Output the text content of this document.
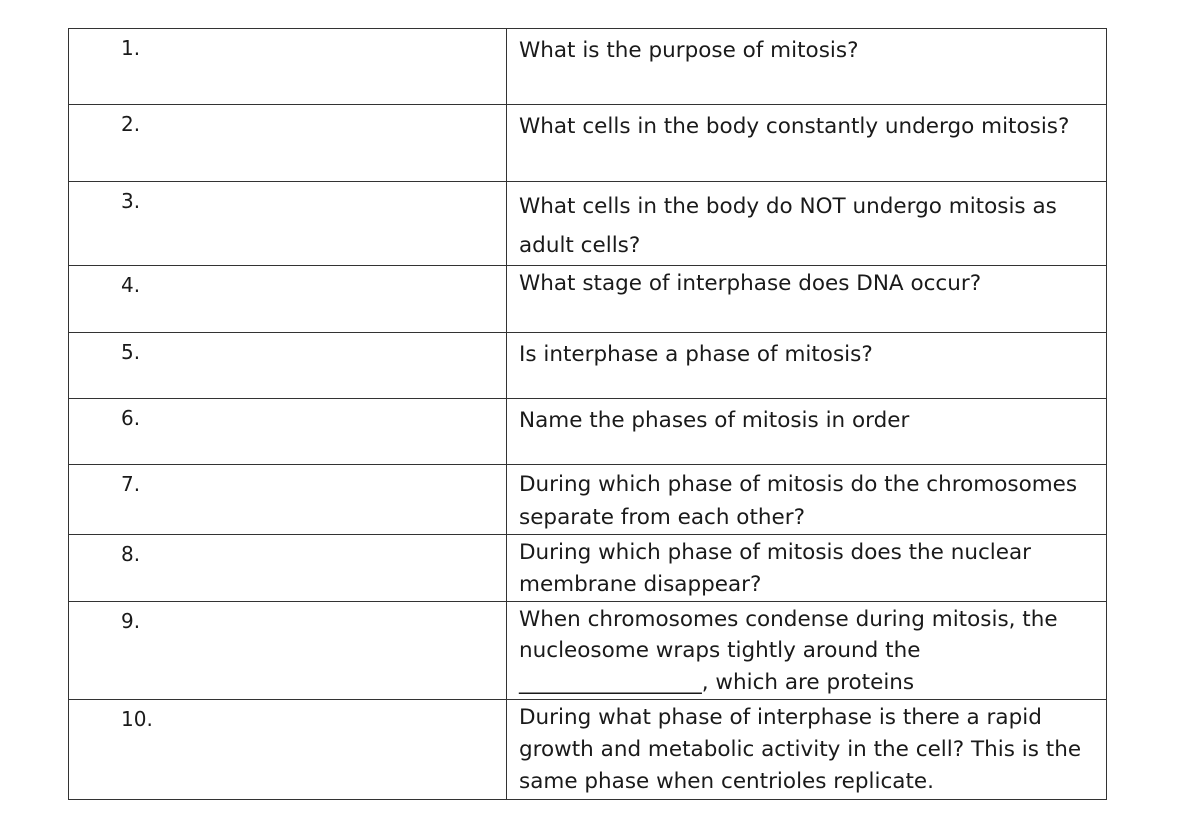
1.	What is the purpose of mitosis?
2.	What cells in the body constantly undergo mitosis?
3.	What cells in the body do NOT undergo mitosis as adult cells?
4.	What stage of interphase does DNA occur?
5.	Is interphase a phase of mitosis?
6.	Name the phases of mitosis in order
7.	During which phase of mitosis do the chromosomes separate from each other?
8.	During which phase of mitosis does the nuclear membrane disappear?
9.	When chromosomes condense during mitosis, the nucleosome wraps tightly around the _________________, which are proteins
10.	During what phase of interphase is there a rapid growth and metabolic activity in the cell? This is the same phase when centrioles replicate.
